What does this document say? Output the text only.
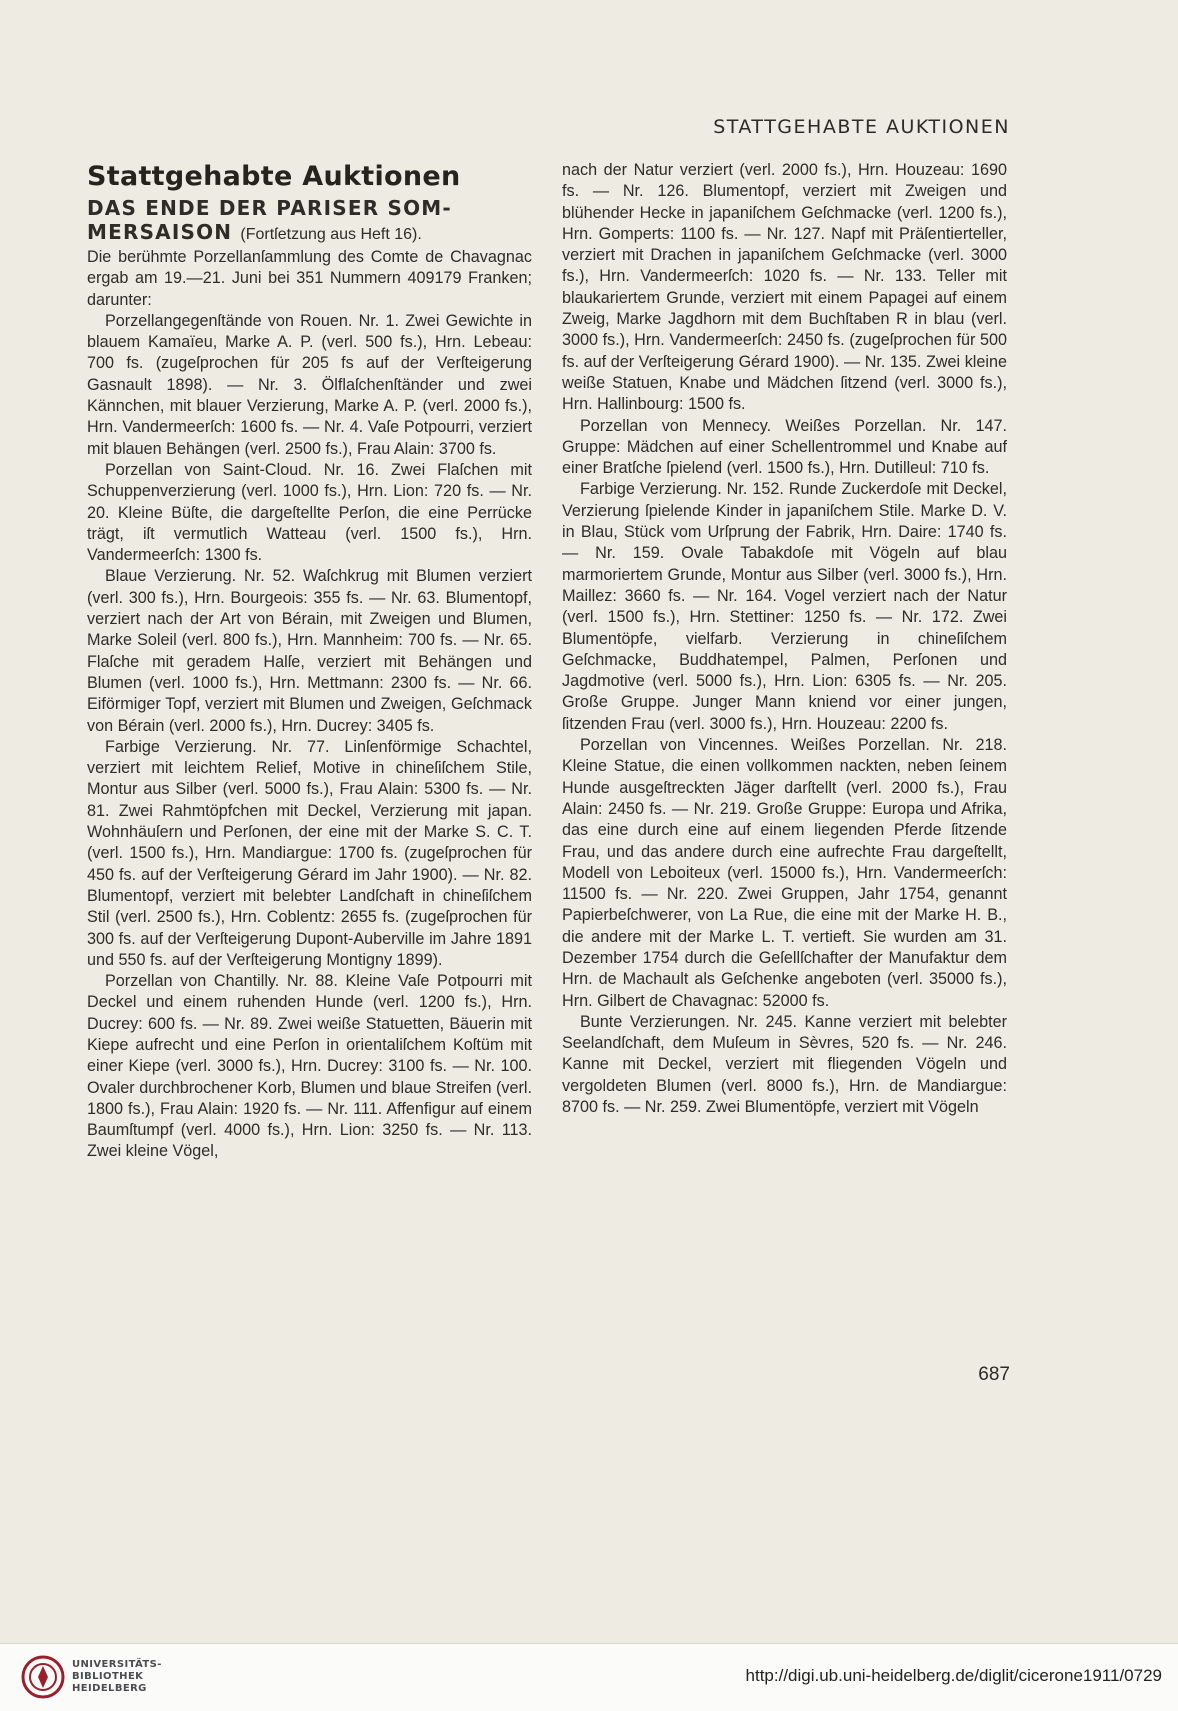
STATTGEHABTE AUKTIONEN
Stattgehabte Auktionen
DAS ENDE DER PARISER SOM-MERSAISON (Fortſetzung aus Heft 16).

Die berühmte Porzellanſammlung des Comte de Chavagnac ergab am 19.—21. Juni bei 351 Nummern 409179 Franken; darunter:

Porzellangegenſtände von Rouen. Nr. 1. Zwei Gewichte in blauem Kamaïeu, Marke A. P. (verl. 500 fs.), Hrn. Lebeau: 700 fs. (zugeſprochen für 205 fs auf der Verſteigerung Gasnault 1898). — Nr. 3. Ölflaſchenſtänder und zwei Kännchen, mit blauer Verzierung, Marke A. P. (verl. 2000 fs.), Hrn. Vandermeerſch: 1600 fs. — Nr. 4. Vaſe Potpourri, verziert mit blauen Behängen (verl. 2500 fs.), Frau Alain: 3700 fs.

Porzellan von Saint-Cloud. Nr. 16. Zwei Flaſchen mit Schuppenverzierung (verl. 1000 fs.), Hrn. Lion: 720 fs. — Nr. 20. Kleine Büſte, die dargeſtellte Perſon, die eine Perrücke trägt, iſt vermutlich Watteau (verl. 1500 fs.), Hrn. Vandermeerſch: 1300 fs.

Blaue Verzierung. Nr. 52. Waſchkrug mit Blumen verziert (verl. 300 fs.), Hrn. Bourgeois: 355 fs. — Nr. 63. Blumentopf, verziert nach der Art von Bérain, mit Zweigen und Blumen, Marke Soleil (verl. 800 fs.), Hrn. Mannheim: 700 fs. — Nr. 65. Flaſche mit geradem Halſe, verziert mit Behängen und Blumen (verl. 1000 fs.), Hrn. Mettmann: 2300 fs. — Nr. 66. Eiförmiger Topf, verziert mit Blumen und Zweigen, Geſchmack von Bérain (verl. 2000 fs.), Hrn. Ducrey: 3405 fs.

Farbige Verzierung. Nr. 77. Linſenförmige Schachtel, verziert mit leichtem Relief, Motive in chineſiſchem Stile, Montur aus Silber (verl. 5000 fs.), Frau Alain: 5300 fs. — Nr. 81. Zwei Rahmtöpfchen mit Deckel, Verzierung mit japan. Wohnhäuſern und Perſonen, der eine mit der Marke S. C. T. (verl. 1500 fs.), Hrn. Mandiargue: 1700 fs. (zugeſprochen für 450 fs. auf der Verſteigerung Gérard im Jahr 1900). — Nr. 82. Blumentopf, verziert mit belebter Landſchaft in chineſiſchem Stil (verl. 2500 fs.), Hrn. Coblentz: 2655 fs. (zugeſprochen für 300 fs. auf der Verſteigerung Dupont-Auberville im Jahre 1891 und 550 fs. auf der Verſteigerung Montigny 1899).

Porzellan von Chantilly. Nr. 88. Kleine Vaſe Potpourri mit Deckel und einem ruhenden Hunde (verl. 1200 fs.), Hrn. Ducrey: 600 fs. — Nr. 89. Zwei weiße Statuetten, Bäuerin mit Kiepe aufrecht und eine Perſon in orientaliſchem Koſtüm mit einer Kiepe (verl. 3000 fs.), Hrn. Ducrey: 3100 fs. — Nr. 100. Ovaler durchbrochener Korb, Blumen und blaue Streifen (verl. 1800 fs.), Frau Alain: 1920 fs. — Nr. 111. Affenfigur auf einem Baumſtumpf (verl. 4000 fs.), Hrn. Lion: 3250 fs. — Nr. 113. Zwei kleine Vögel,

nach der Natur verziert (verl. 2000 fs.), Hrn. Houzeau: 1690 fs. — Nr. 126. Blumentopf, verziert mit Zweigen und blühender Hecke in japaniſchem Geſchmacke (verl. 1200 fs.), Hrn. Gomperts: 1100 fs. — Nr. 127. Napf mit Präſentierteller, verziert mit Drachen in japaniſchem Geſchmacke (verl. 3000 fs.), Hrn. Vandermeerſch: 1020 fs. — Nr. 133. Teller mit blaukariertem Grunde, verziert mit einem Papagei auf einem Zweig, Marke Jagdhorn mit dem Buchſtaben R in blau (verl. 3000 fs.), Hrn. Vandermeerſch: 2450 fs. (zugeſprochen für 500 fs. auf der Verſteigerung Gérard 1900). — Nr. 135. Zwei kleine weiße Statuen, Knabe und Mädchen ſitzend (verl. 3000 fs.), Hrn. Hallinbourg: 1500 fs.

Porzellan von Mennecy. Weißes Porzellan. Nr. 147. Gruppe: Mädchen auf einer Schellentrommel und Knabe auf einer Bratſche ſpielend (verl. 1500 fs.), Hrn. Dutilleul: 710 fs.

Farbige Verzierung. Nr. 152. Runde Zuckerdoſe mit Deckel, Verzierung ſpielende Kinder in japaniſchem Stile. Marke D. V. in Blau, Stück vom Urſprung der Fabrik, Hrn. Daire: 1740 fs. — Nr. 159. Ovale Tabakdoſe mit Vögeln auf blau marmoriertem Grunde, Montur aus Silber (verl. 3000 fs.), Hrn. Maillez: 3660 fs. — Nr. 164. Vogel verziert nach der Natur (verl. 1500 fs.), Hrn. Stettiner: 1250 fs. — Nr. 172. Zwei Blumentöpfe, vielfarb. Verzierung in chineſiſchem Geſchmacke, Buddhatempel, Palmen, Perſonen und Jagdmotive (verl. 5000 fs.), Hrn. Lion: 6305 fs. — Nr. 205. Große Gruppe. Junger Mann kniend vor einer jungen, ſitzenden Frau (verl. 3000 fs.), Hrn. Houzeau: 2200 fs.

Porzellan von Vincennes. Weißes Porzellan. Nr. 218. Kleine Statue, die einen vollkommen nackten, neben ſeinem Hunde ausgeſtreckten Jäger darſtellt (verl. 2000 fs.), Frau Alain: 2450 fs. — Nr. 219. Große Gruppe: Europa und Afrika, das eine durch eine auf einem liegenden Pferde ſitzende Frau, und das andere durch eine aufrechte Frau dargeſtellt, Modell von Leboiteux (verl. 15000 fs.), Hrn. Vandermeerſch: 11500 fs. — Nr. 220. Zwei Gruppen, Jahr 1754, genannt Papierbeſchwerer, von La Rue, die eine mit der Marke H. B., die andere mit der Marke L. T. vertieft. Sie wurden am 31. Dezember 1754 durch die Geſellſchafter der Manufaktur dem Hrn. de Machault als Geſchenke angeboten (verl. 35000 fs.), Hrn. Gilbert de Chavagnac: 52000 fs.

Bunte Verzierungen. Nr. 245. Kanne verziert mit belebter Seelandſchaft, dem Muſeum in Sèvres, 520 fs. — Nr. 246. Kanne mit Deckel, verziert mit fliegenden Vögeln und vergoldeten Blumen (verl. 8000 fs.), Hrn. de Mandiargue: 8700 fs. — Nr. 259. Zwei Blumentöpfe, verziert mit Vögeln

687
UNIVERSITÄTS-
BIBLIOTHEK
HEIDELBERG
http://digi.ub.uni-heidelberg.de/diglit/cicerone1911/0729
